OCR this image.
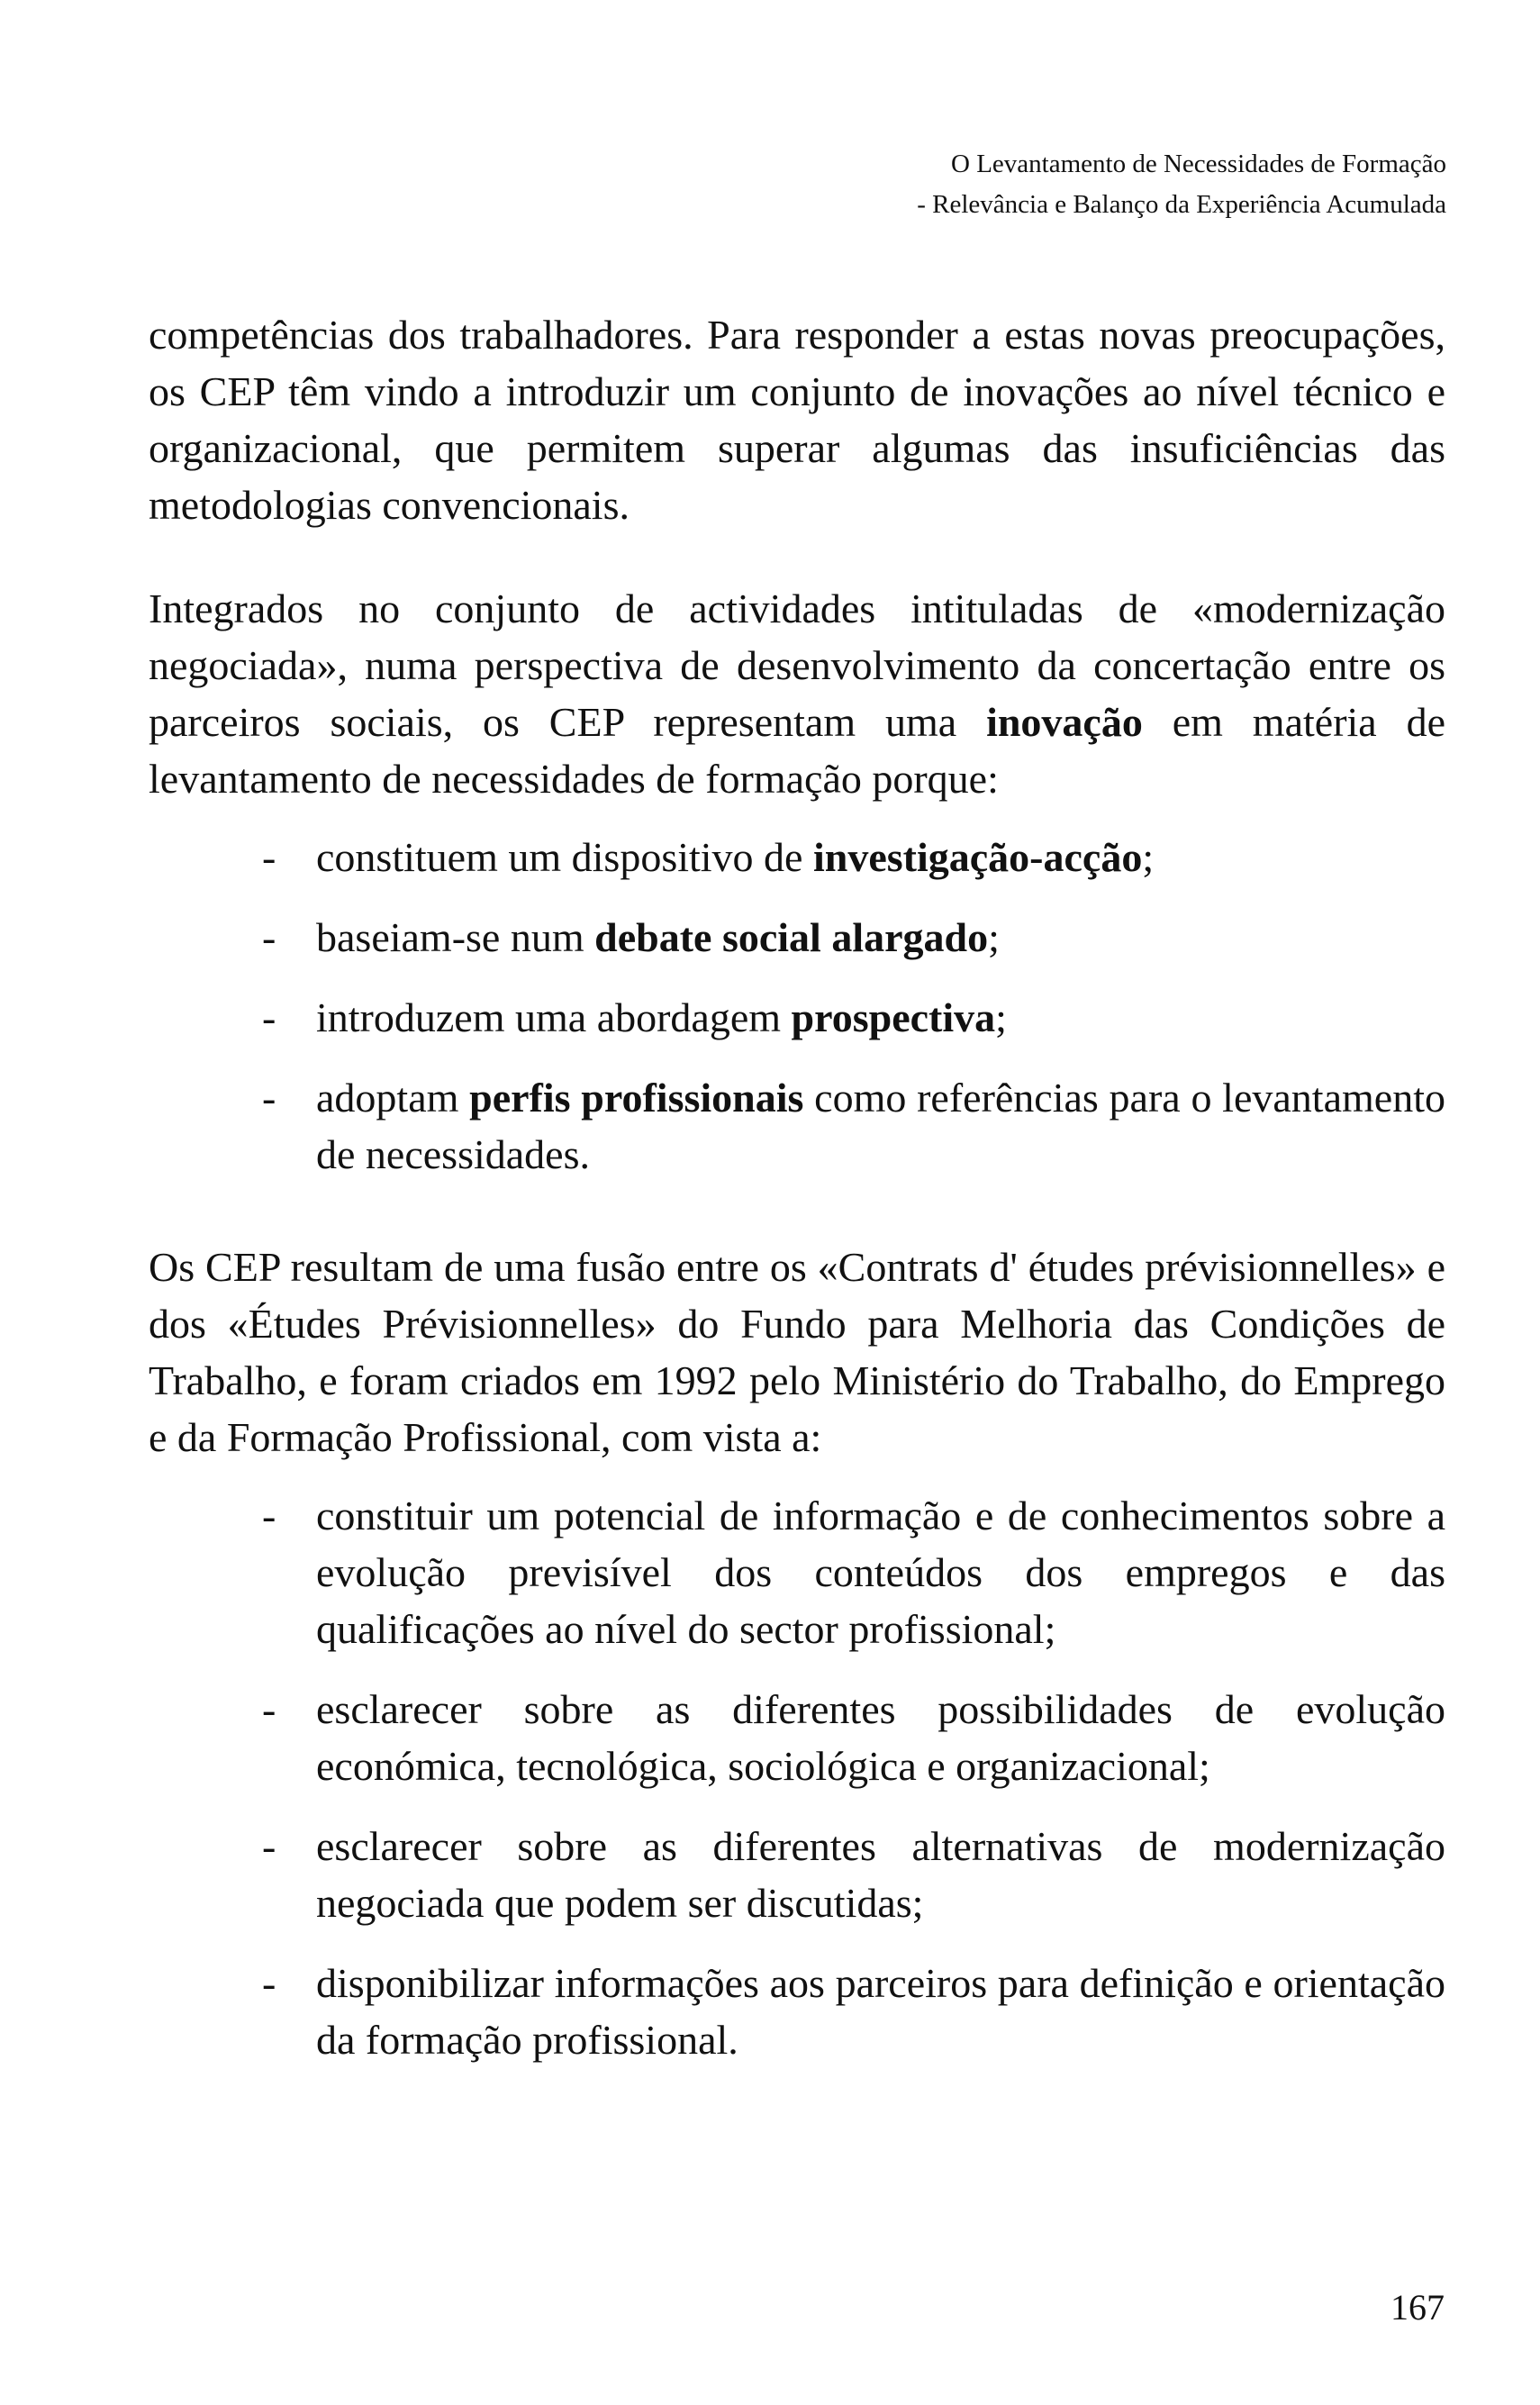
O Levantamento de Necessidades de Formação
- Relevância e Balanço da Experiência Acumulada

competências dos trabalhadores. Para responder a estas novas preocupações, os CEP têm vindo a introduzir um conjunto de inovações ao nível técnico e organizacional, que permitem superar algumas das insuficiências das metodologias convencionais.

Integrados no conjunto de actividades intituladas de «modernização negociada», numa perspectiva de desenvolvimento da concertação entre os parceiros sociais, os CEP representam uma inovação em matéria de levantamento de necessidades de formação porque:

- constituem um dispositivo de investigação-acção;
- baseiam-se num debate social alargado;
- introduzem uma abordagem prospectiva;
- adoptam perfis profissionais como referências para o levantamento de necessidades.

Os CEP resultam de uma fusão entre os «Contrats d' études prévisionnelles» e dos «Études Prévisionnelles» do Fundo para Melhoria das Condições de Trabalho, e foram criados em 1992 pelo Ministério do Trabalho, do Emprego e da Formação Profissional, com vista a:

- constituir um potencial de informação e de conhecimentos sobre a evolução previsível dos conteúdos dos empregos e das qualificações ao nível do sector profissional;
- esclarecer sobre as diferentes possibilidades de evolução económica, tecnológica, sociológica e organizacional;
- esclarecer sobre as diferentes alternativas de modernização negociada que podem ser discutidas;
- disponibilizar informações aos parceiros para definição e orientação da formação profissional.
167
